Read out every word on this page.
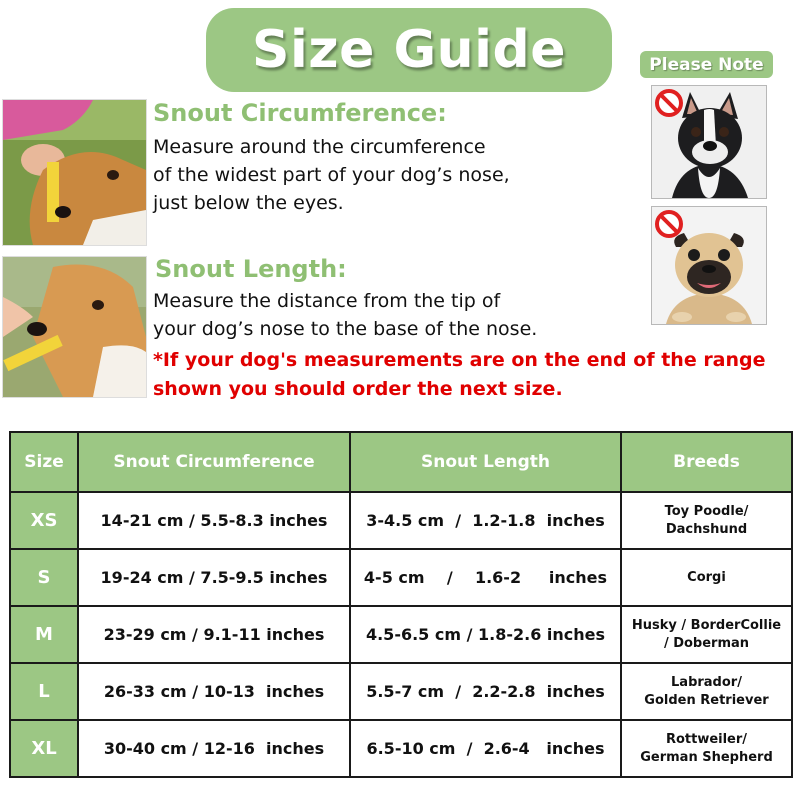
Size Guide	Please Note
Snout Circumference:
Measure around the circumference
of the widest part of your dog’s nose,
just below the eyes.
Snout Length:
Measure the distance from the tip of
your dog’s nose to the base of the nose.
*If your dog's measurements are on the end of the range
shown you should order the next size.
Size	Snout Circumference	Snout Length	Breeds
XS	14-21 cm / 5.5-8.3 inches	3-4.5 cm  /  1.2-1.8  inches	Toy Poodle/
Dachshund

S	19-24 cm / 7.5-9.5 inches	4-5 cm    /    1.6-2     inches	Corgi

M	23-29 cm / 9.1-11 inches	4.5-6.5 cm / 1.8-2.6 inches	Husky / BorderCollie
/ Doberman

L	26-33 cm / 10-13  inches	5.5-7 cm  /  2.2-2.8  inches	Labrador/
Golden Retriever

XL	30-40 cm / 12-16  inches	6.5-10 cm  /  2.6-4   inches	Rottweiler/
German Shepherd
